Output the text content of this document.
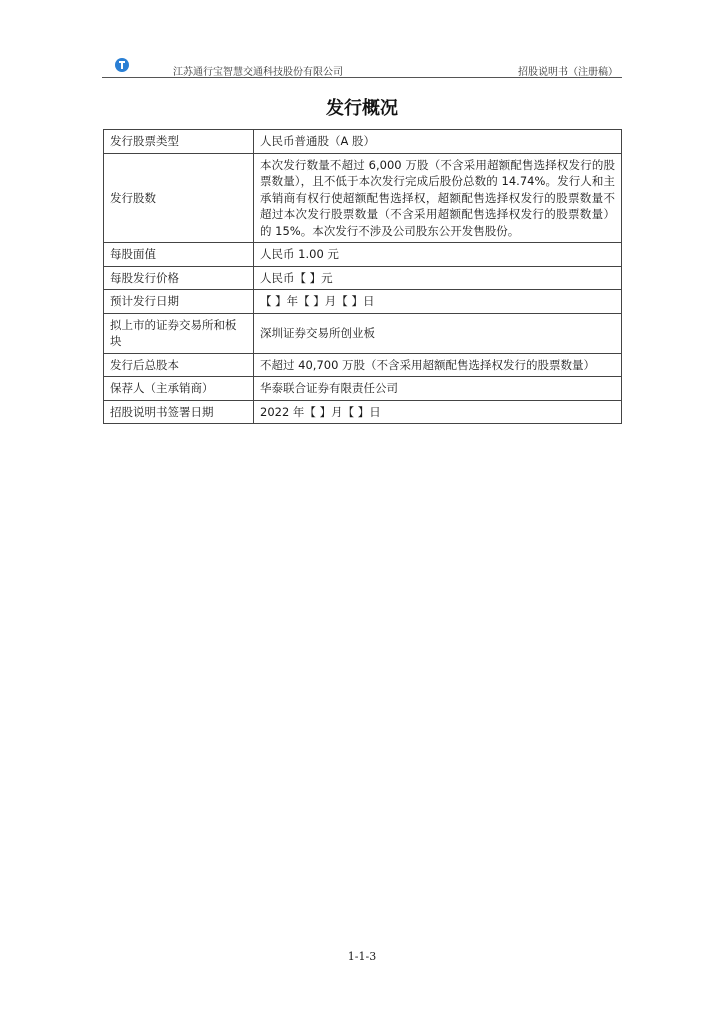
江苏通行宝智慧交通科技股份有限公司	招股说明书（注册稿）
发行概况
发行股票类型	人民币普通股（A 股）
发行股数	本次发行数量不超过 6,000 万股（不含采用超额配售选择权发行的股票数量），且不低于本次发行完成后股份总数的 14.74%。发行人和主承销商有权行使超额配售选择权，超额配售选择权发行的股票数量不超过本次发行股票数量（不含采用超额配售选择权发行的股票数量）的 15%。本次发行不涉及公司股东公开发售股份。
每股面值	人民币 1.00 元
每股发行价格	人民币【 】元
预计发行日期	【 】年【 】月【 】日
拟上市的证券交易所和板块	深圳证券交易所创业板
发行后总股本	不超过 40,700 万股（不含采用超额配售选择权发行的股票数量）
保荐人（主承销商）	华泰联合证券有限责任公司
招股说明书签署日期	2022 年【 】月【 】日
1-1-3
